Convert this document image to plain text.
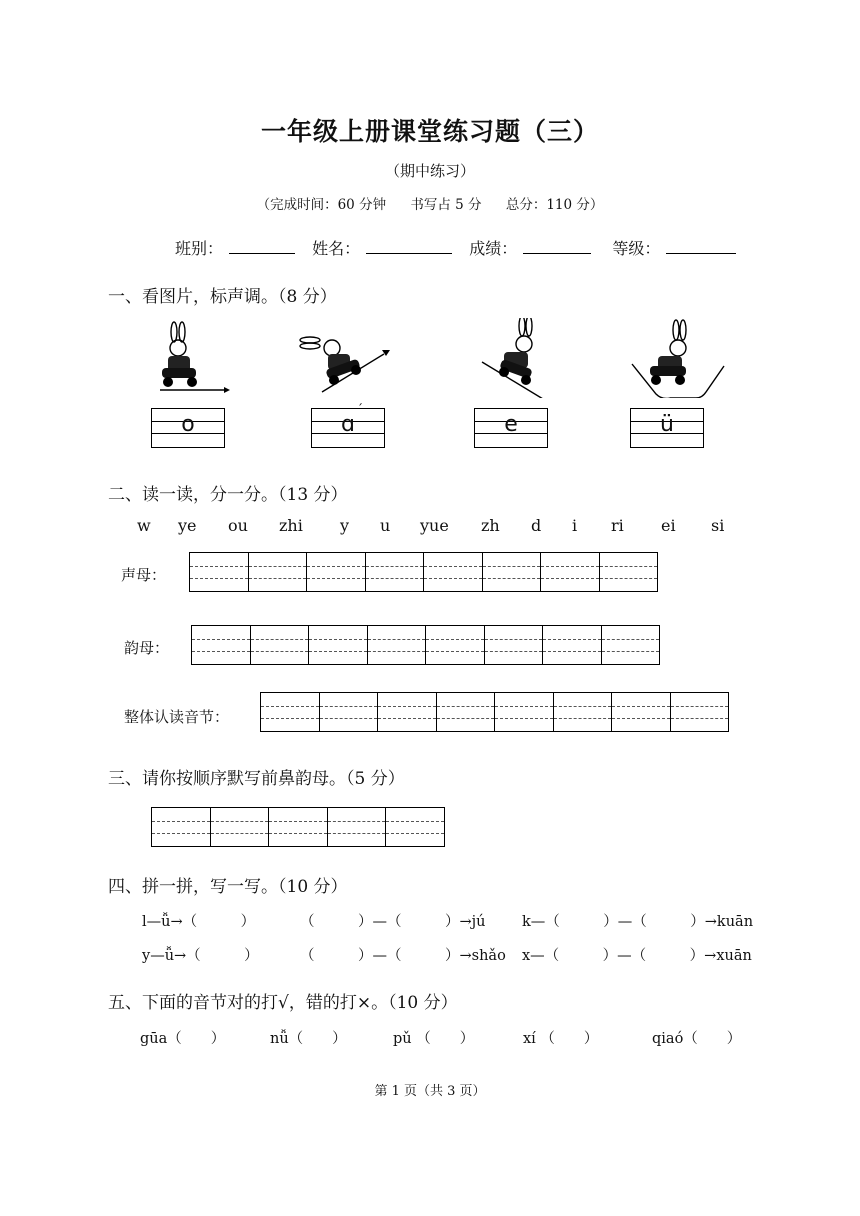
一年级上册课堂练习题（三）
（期中练习）
（完成时间：60 分钟 书写占 5 分 总分：110 分）
班别：	姓名：	成绩：	等级：
一、看图片，标声调。（8 分）
o	ɑ
ˊ
e	ü
二、读一读，分一分。（13 分）
w ye ou zhi y u yue zh d i ri ei si
声母：
韵母：
整体认读音节：
三、请你按顺序默写前鼻韵母。（5 分）
四、拼一拼，写一写。（10 分）
l—ǚ→（　　　）	（　　　）—（　　　）→jú	k—（　　　）—（　　　）→kuān
y—ǚ→（　　　）	（　　　）—（　　　）→shǎo x—（　　　）—（　　　）→xuān
五、下面的音节对的打√，错的打×。（10 分）
gūa（　　）	nǚ（　　）	pǔ （　　）	xí （　　）	qiaó（　　）
第 1 页（共 3 页）
